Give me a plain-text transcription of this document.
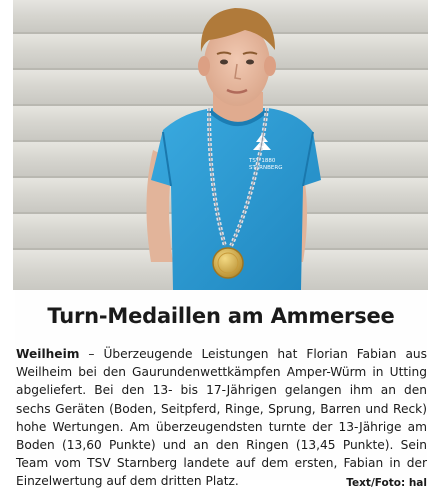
TSV 1880
STARNBERG
Turn-Medaillen am Ammersee
Weilheim – Überzeugende Leistungen hat Florian Fabian aus Weilheim bei den Gaurundenwettkämpfen Amper-Würm in Utting abgeliefert. Bei den 13- bis 17-Jährigen gelangen ihm an den sechs Geräten (Boden, Seitpferd, Ringe, Sprung, Barren und Reck) hohe Wertungen. Am überzeugendsten turnte der 13-Jährige am Boden (13,60 Punkte) und an den Ringen (13,45 Punkte). Sein Team vom TSV Starnberg landete auf dem ersten, Fabian in der Einzelwertung auf dem dritten Platz.	Text/Foto: hal
